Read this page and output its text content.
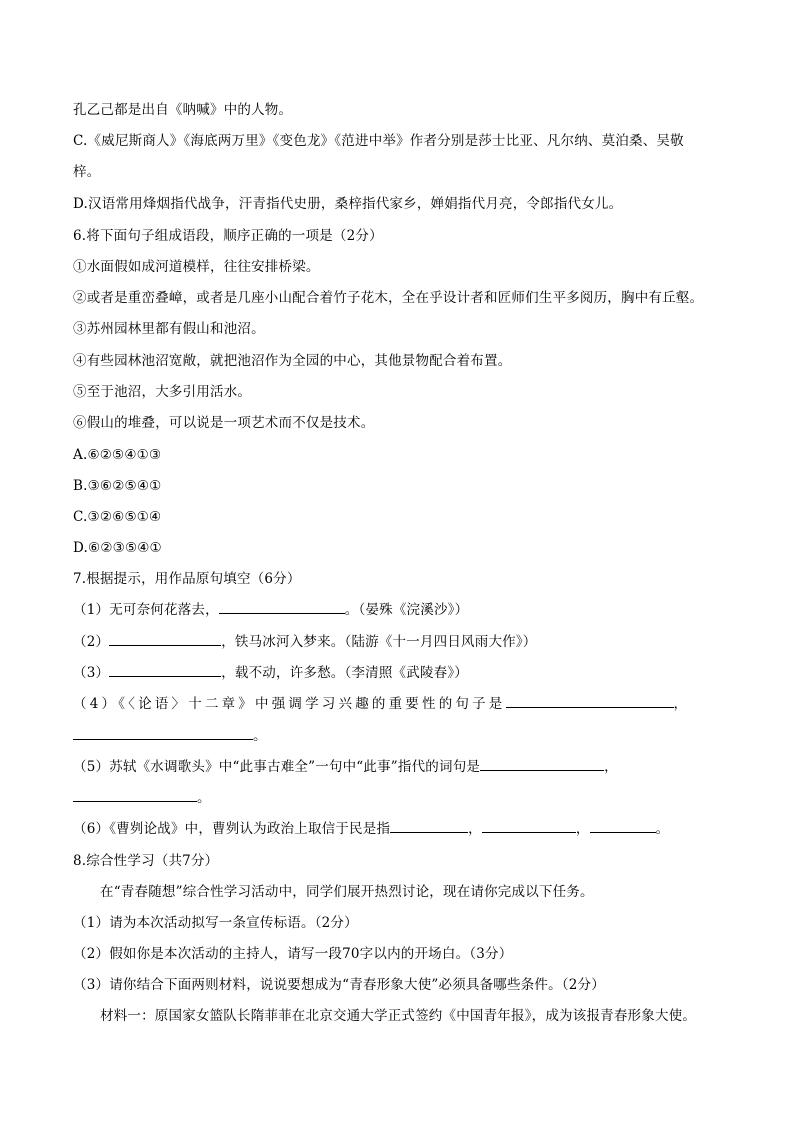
孔乙己都是出自《呐喊》中的人物。
C.《威尼斯商人》《海底两万里》《变色龙》《范进中举》作者分别是莎士比亚、凡尔纳、莫泊桑、吴敬
梓。
D.汉语常用烽烟指代战争，汗青指代史册，桑梓指代家乡，婵娟指代月亮，令郎指代女儿。
6.将下面句子组成语段，顺序正确的一项是（2分）
①水面假如成河道模样，往往安排桥梁。
②或者是重峦叠嶂，或者是几座小山配合着竹子花木，全在乎设计者和匠师们生平多阅历，胸中有丘壑。
③苏州园林里都有假山和池沼。
④有些园林池沼宽敞，就把池沼作为全园的中心，其他景物配合着布置。
⑤至于池沼，大多引用活水。
⑥假山的堆叠，可以说是一项艺术而不仅是技术。
A.⑥②⑤④①③
B.③⑥②⑤④①
C.③②⑥⑤①④
D.⑥②③⑤④①
7.根据提示，用作品原句填空（6分）
（1）无可奈何花落去，	。（晏殊《浣溪沙》）
（2）	，铁马冰河入梦来。（陆游《十一月四日风雨大作》）
（3）	，载不动，许多愁。（李清照《武陵春》）
（4）《〈论语〉十二章》中强调学习兴趣的重要性的句子是	，
。
（5）苏轼《水调歌头》中“此事古难全”一句中“此事”指代的词句是	，
。
（6）《曹刿论战》中，曹刿认为政治上取信于民是指	，	，	。
8.综合性学习（共7分）
在“青春随想”综合性学习活动中，同学们展开热烈讨论，现在请你完成以下任务。
（1）请为本次活动拟写一条宣传标语。（2分）
（2）假如你是本次活动的主持人，请写一段70字以内的开场白。（3分）
（3）请你结合下面两则材料，说说要想成为“青春形象大使”必须具备哪些条件。（2分）
材料一：原国家女篮队长隋菲菲在北京交通大学正式签约《中国青年报》，成为该报青春形象大使。
